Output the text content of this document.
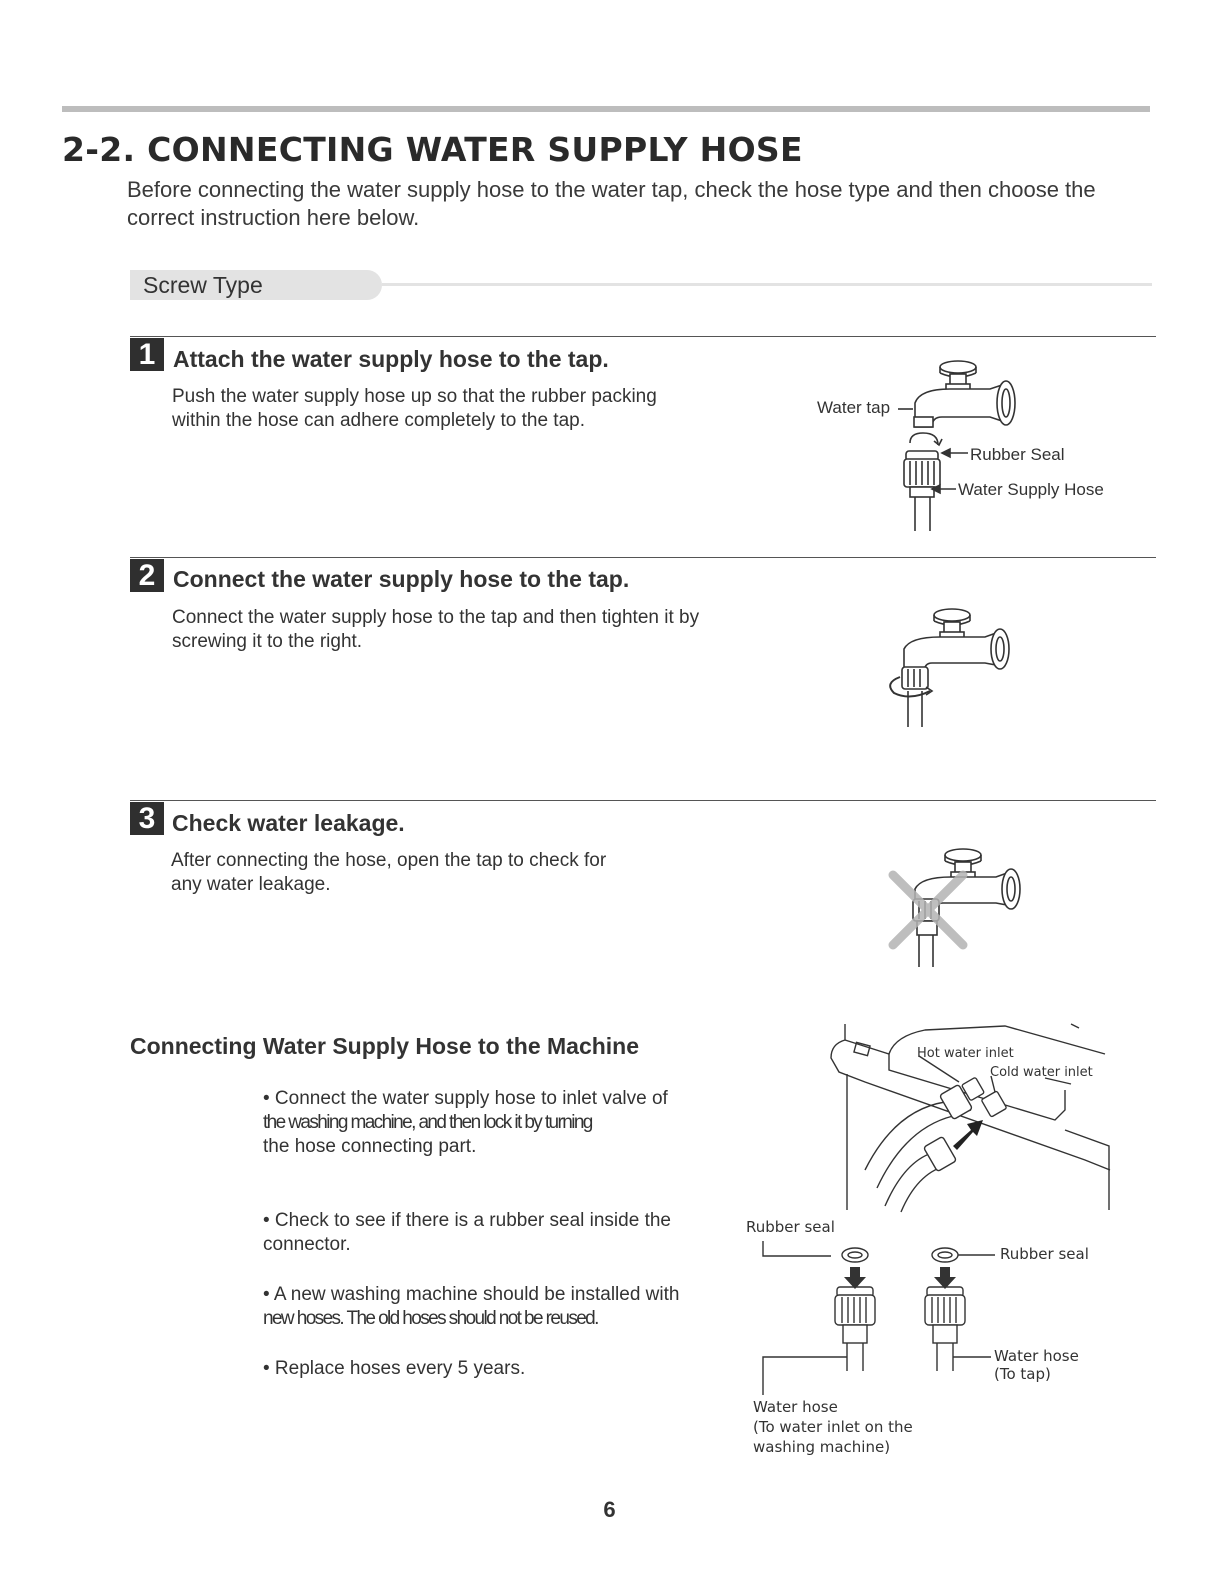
2-2. CONNECTING WATER SUPPLY HOSE
Before connecting the water supply hose to the water tap, check the hose type and then choose the correct instruction here below.
Screw Type
1 Attach the water supply hose to the tap.
Push the water supply hose up so that the rubber packing within the hose can adhere completely to the tap.
Water tap
Rubber Seal
Water Supply Hose
2 Connect the water supply hose to the tap.
Connect the water supply hose to the tap and then tighten it by screwing it to the right.
3 Check water leakage.
After connecting the hose, open the tap to check for any water leakage.
Connecting Water Supply Hose to the Machine
• Connect the water supply hose to inlet valve of
the washing machine, and then lock it by turning
the hose connecting part.
• Check to see if there is a rubber seal inside the
connector.
• A new washing machine should be installed with
new hoses. The old hoses should not be reused.
• Replace hoses every 5 years.
Hot water inlet
Cold water inlet
Rubber seal
Rubber seal
Water hose
(To tap)
Water hose
(To water inlet on the
washing machine)
6
